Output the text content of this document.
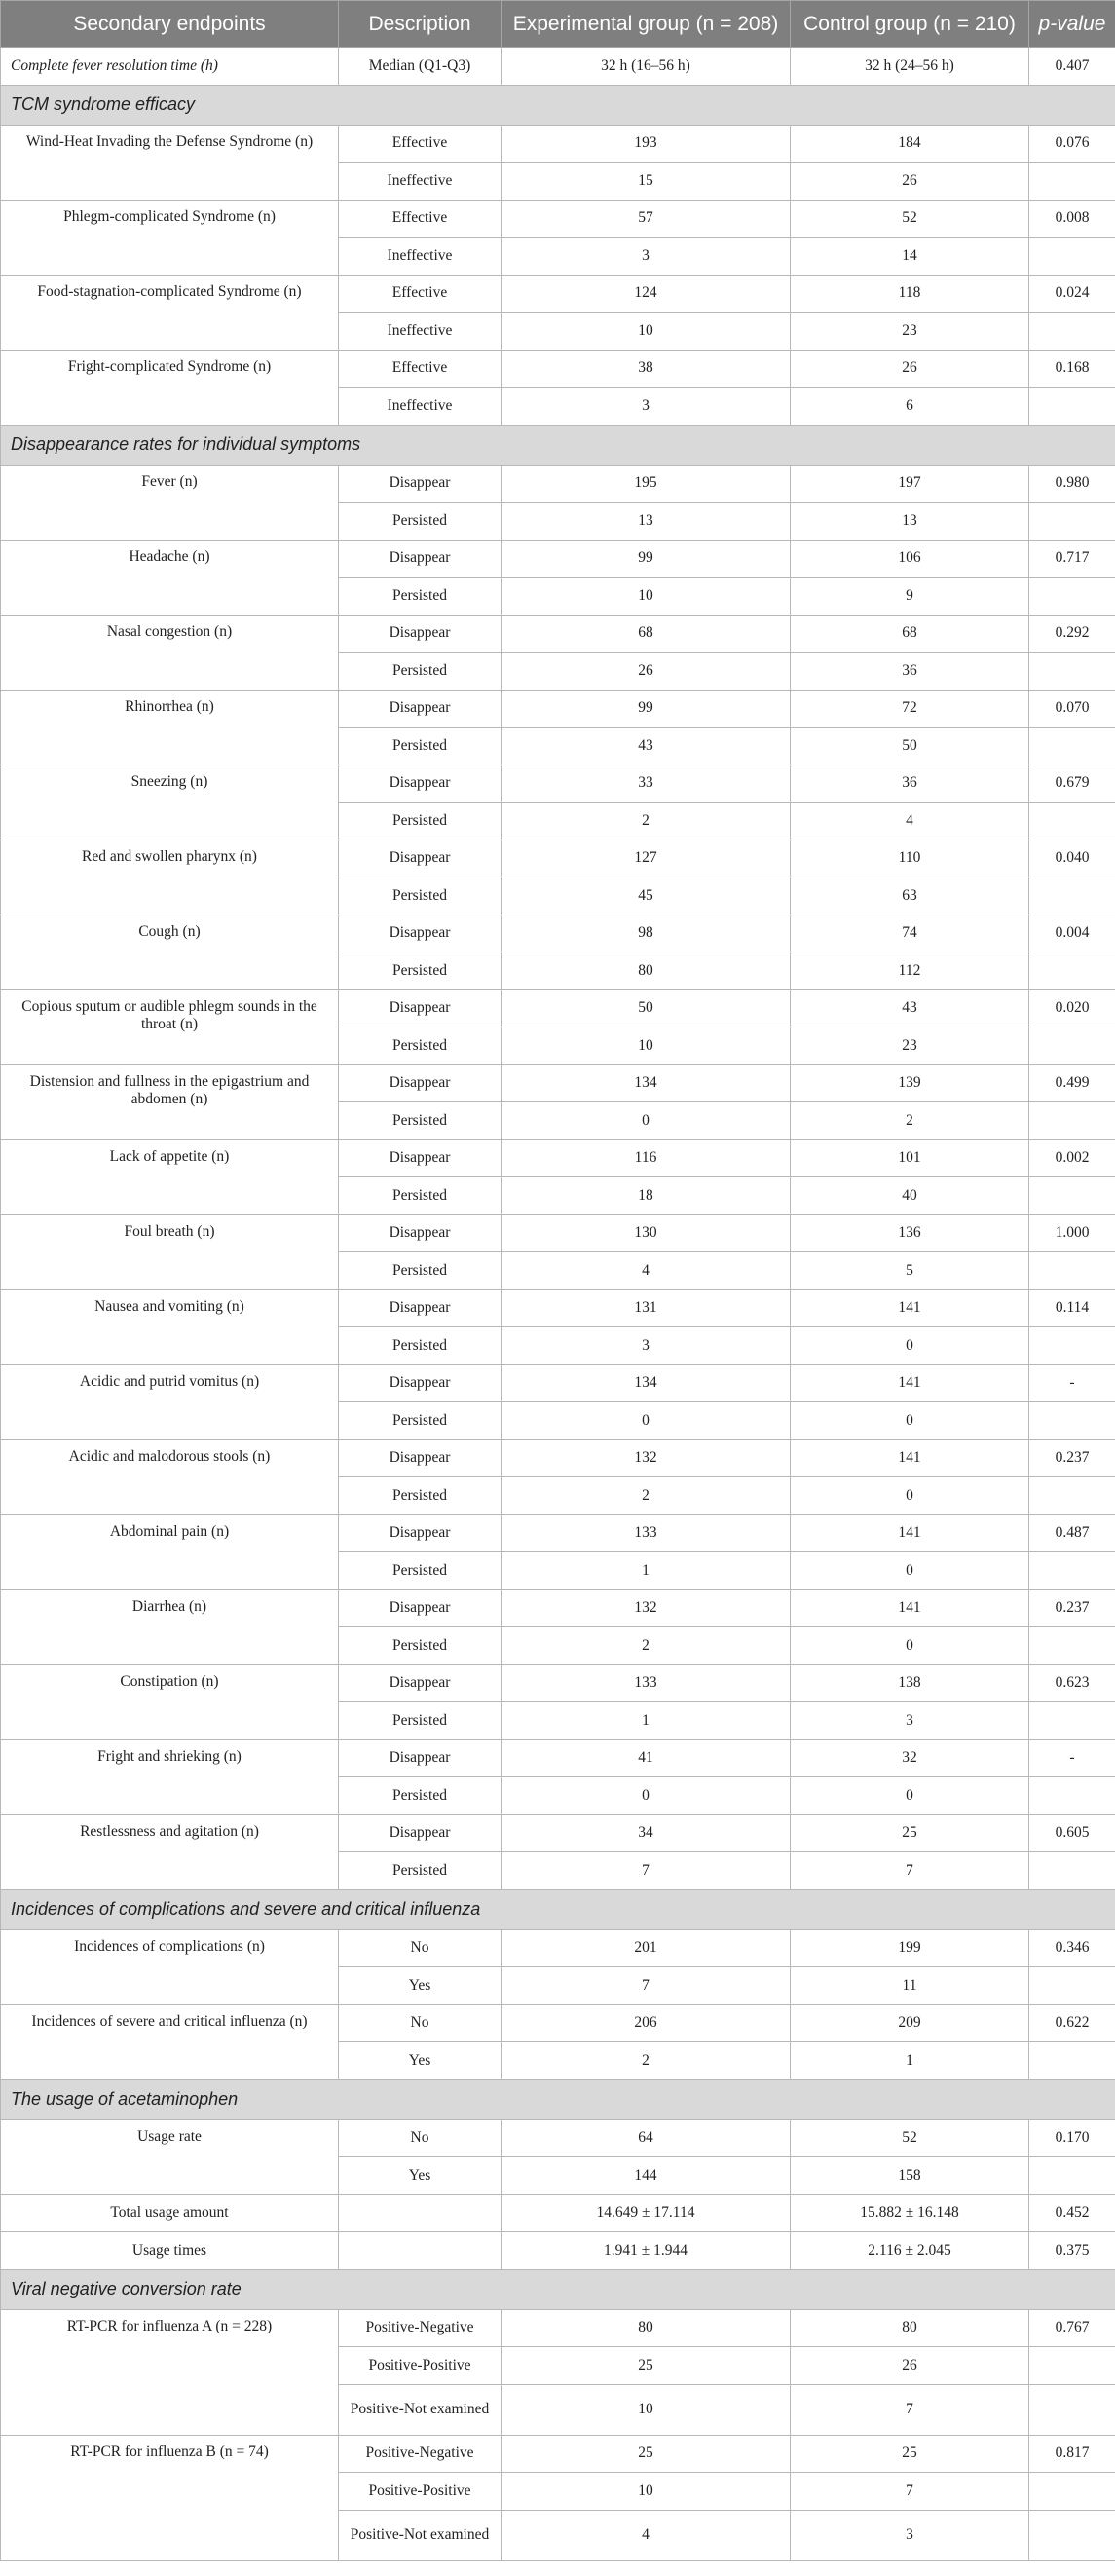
Secondary endpoints	Description	Experimental group (n = 208)	Control group (n = 210)	p-value
Complete fever resolution time (h)	Median (Q1-Q3)	32 h (16–56 h)	32 h (24–56 h)	0.407
TCM syndrome efficacy				
Wind-Heat Invading the Defense Syndrome (n)	Effective	193	184	0.076
	Ineffective	15	26	
Phlegm-complicated Syndrome (n)	Effective	57	52	0.008
	Ineffective	3	14	
Food-stagnation-complicated Syndrome (n)	Effective	124	118	0.024
	Ineffective	10	23	
Fright-complicated Syndrome (n)	Effective	38	26	0.168
	Ineffective	3	6	
Disappearance rates for individual symptoms				
Fever (n)	Disappear	195	197	0.980
	Persisted	13	13	
Headache (n)	Disappear	99	106	0.717
	Persisted	10	9	
Nasal congestion (n)	Disappear	68	68	0.292
	Persisted	26	36	
Rhinorrhea (n)	Disappear	99	72	0.070
	Persisted	43	50	
Sneezing (n)	Disappear	33	36	0.679
	Persisted	2	4	
Red and swollen pharynx (n)	Disappear	127	110	0.040
	Persisted	45	63	
Cough (n)	Disappear	98	74	0.004
	Persisted	80	112	
Copious sputum or audible phlegm sounds in the throat (n)	Disappear	50	43	0.020
	Persisted	10	23	
Distension and fullness in the epigastrium and abdomen (n)	Disappear	134	139	0.499
	Persisted	0	2	
Lack of appetite (n)	Disappear	116	101	0.002
	Persisted	18	40	
Foul breath (n)	Disappear	130	136	1.000
	Persisted	4	5	
Nausea and vomiting (n)	Disappear	131	141	0.114
	Persisted	3	0	
Acidic and putrid vomitus (n)	Disappear	134	141	-
	Persisted	0	0	
Acidic and malodorous stools (n)	Disappear	132	141	0.237
	Persisted	2	0	
Abdominal pain (n)	Disappear	133	141	0.487
	Persisted	1	0	
Diarrhea (n)	Disappear	132	141	0.237
	Persisted	2	0	
Constipation (n)	Disappear	133	138	0.623
	Persisted	1	3	
Fright and shrieking (n)	Disappear	41	32	-
	Persisted	0	0	
Restlessness and agitation (n)	Disappear	34	25	0.605
	Persisted	7	7	
Incidences of complications and severe and critical influenza				
Incidences of complications (n)	No	201	199	0.346
	Yes	7	11	
Incidences of severe and critical influenza (n)	No	206	209	0.622
	Yes	2	1	
The usage of acetaminophen				
Usage rate	No	64	52	0.170
	Yes	144	158	
Total usage amount		14.649 ± 17.114	15.882 ± 16.148	0.452
Usage times		1.941 ± 1.944	2.116 ± 2.045	0.375
Viral negative conversion rate				
RT-PCR for influenza A (n = 228)	Positive-Negative	80	80	0.767
	Positive-Positive	25	26	
	Positive-Not examined	10	7	
RT-PCR for influenza B (n = 74)	Positive-Negative	25	25	0.817
	Positive-Positive	10	7	
	Positive-Not examined	4	3	
